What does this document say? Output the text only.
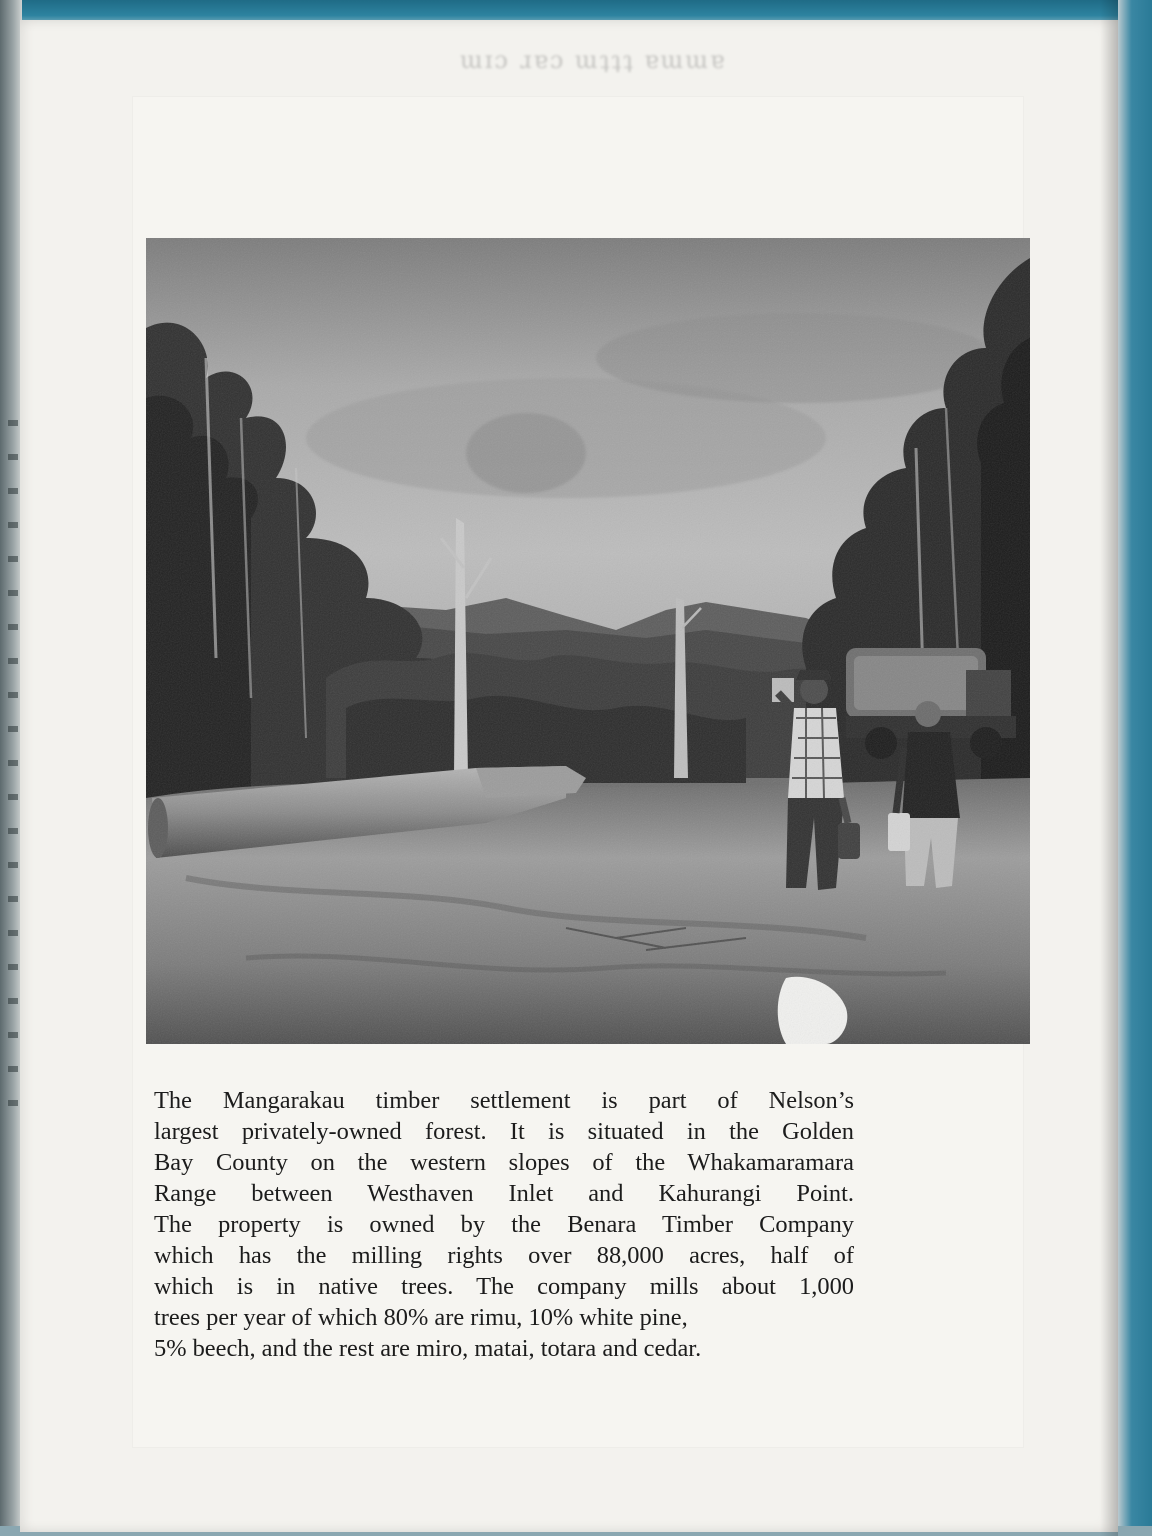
ɯɪɔ ɹɐɔ ɯʇʇʇ ɐɯɯɐ
The Mangarakau timber settlement is part of Nelson’s
largest privately-owned forest. It is situated in the Golden
Bay County on the western slopes of the Whakamaramara
Range between Westhaven Inlet and Kahurangi Point.
The property is owned by the Benara Timber Company
which has the milling rights over 88,000 acres, half of
which is in native trees. The company mills about 1,000
trees per year of which 80% are rimu, 10% white pine,
5% beech, and the rest are miro, matai, totara and cedar.
